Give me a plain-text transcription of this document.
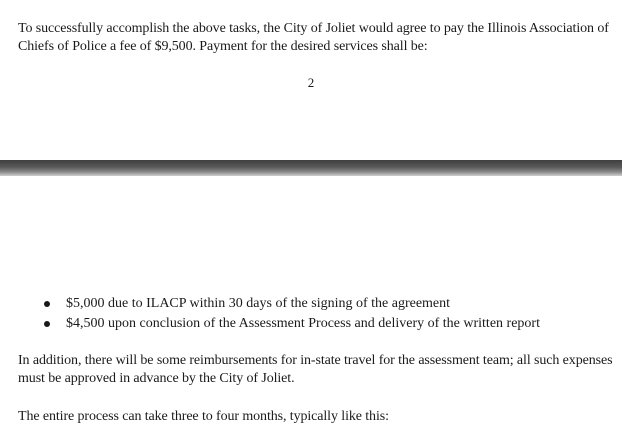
To successfully accomplish the above tasks, the City of Joliet would agree to pay the Illinois Association of Chiefs of Police a fee of $9,500. Payment for the desired services shall be:

2
$5,000 due to ILACP within 30 days of the signing of the agreement
$4,500 upon conclusion of the Assessment Process and delivery of the written report

In addition, there will be some reimbursements for in-state travel for the assessment team; all such expenses must be approved in advance by the City of Joliet.

The entire process can take three to four months, typically like this:
